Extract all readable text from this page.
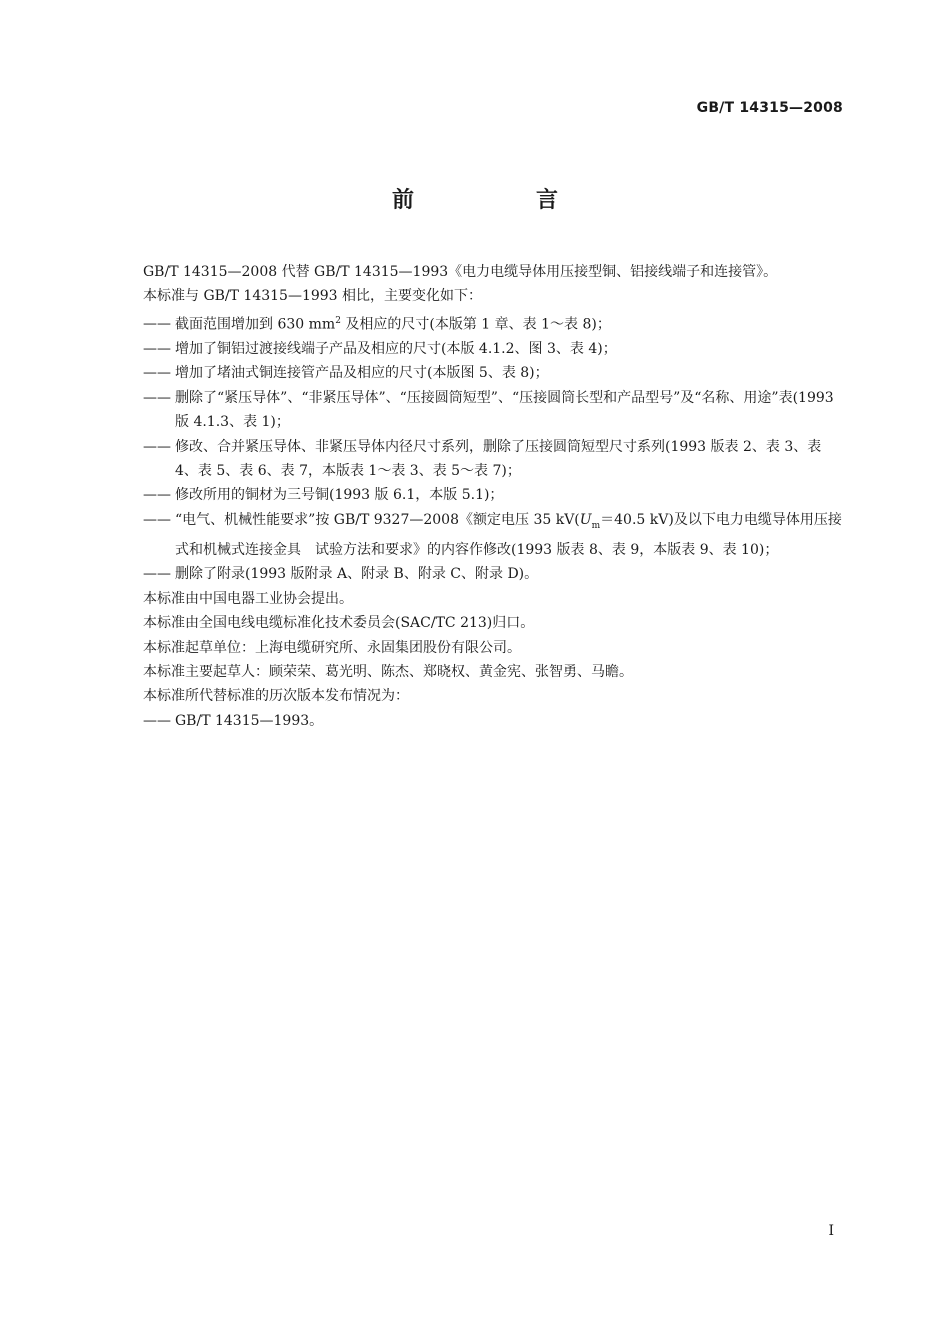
GB/T 14315—2008
前　言

GB/T 14315—2008 代替 GB/T 14315—1993《电力电缆导体用压接型铜、铝接线端子和连接管》。

本标准与 GB/T 14315—1993 相比，主要变化如下：

—— 截面范围增加到 630 $mm^2$ 及相应的尺寸(本版第 1 章、表 1～表 8)；

—— 增加了铜铝过渡接线端子产品及相应的尺寸(本版 4.1.2、图 3、表 4)；

—— 增加了堵油式铜连接管产品及相应的尺寸(本版图 5、表 8)；

—— 删除了“紧压导体”、“非紧压导体”、“压接圆筒短型”、“压接圆筒长型和产品型号”及“名称、用途”表(1993 版 4.1.3、表 1)；

—— 修改、合并紧压导体、非紧压导体内径尺寸系列，删除了压接圆筒短型尺寸系列(1993 版表 2、表 3、表 4、表 5、表 6、表 7，本版表 1～表 3、表 5～表 7)；

—— 修改所用的铜材为三号铜(1993 版 6.1，本版 5.1)；

—— “电气、机械性能要求”按 GB/T 9327—2008《额定电压 35 $kV(U_m=40.5$ kV)及以下电力电缆导体用压接式和机械式连接金具　试验方法和要求》的内容作修改(1993 版表 8、表 9，本版表 9、表 10)；

—— 删除了附录(1993 版附录 A、附录 B、附录 C、附录 D)。

本标准由中国电器工业协会提出。

本标准由全国电线电缆标准化技术委员会(SAC/TC 213)归口。

本标准起草单位：上海电缆研究所、永固集团股份有限公司。

本标准主要起草人：顾荣荣、葛光明、陈杰、郑晓权、黄金宪、张智勇、马瞻。

本标准所代替标准的历次版本发布情况为：

—— GB/T 14315—1993。

Ⅰ
